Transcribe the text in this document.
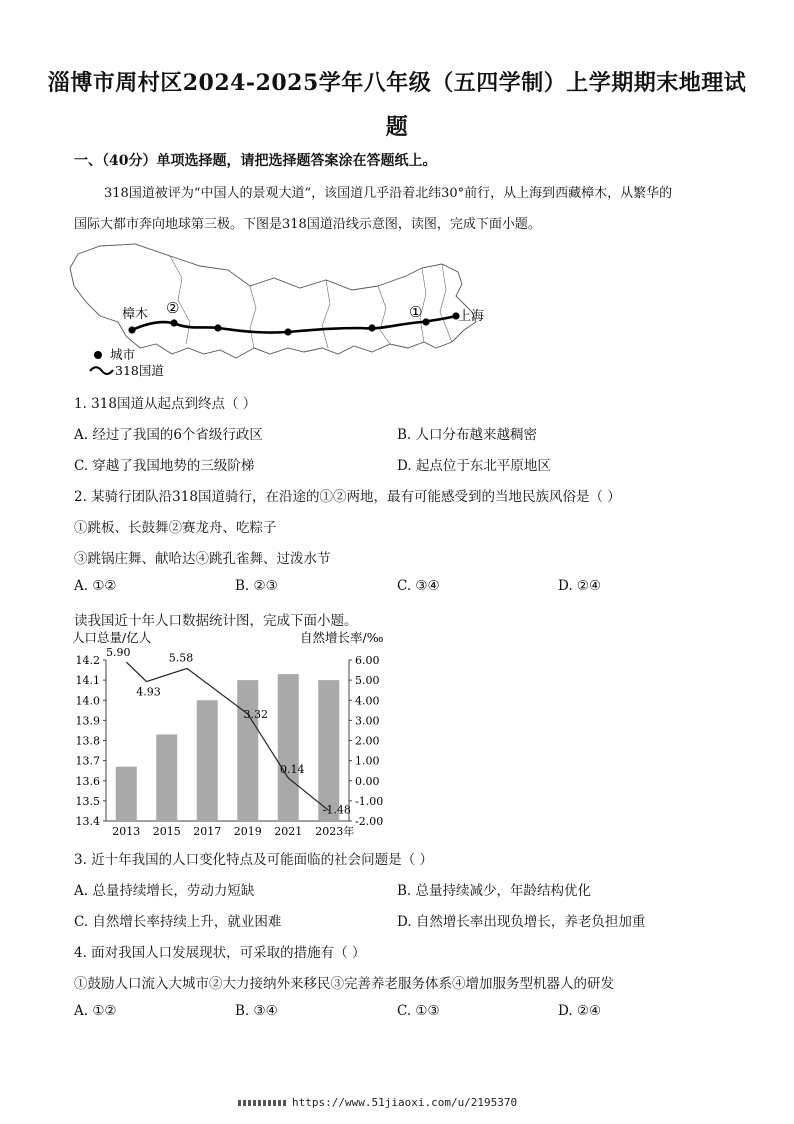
淄博市周村区2024-2025学年八年级（五四学制）上学期期末地理试
题
一、（40分）单项选择题，请把选择题答案涂在答题纸上。
318国道被评为“中国人的景观大道”，该国道几乎沿着北纬30°前行，从上海到西藏樟木，从繁华的
国际大都市奔向地球第三极。下图是318国道沿线示意图，读图，完成下面小题。
樟木 ②	①	上海
城市
318国道
1. 318国道从起点到终点（ ）
A. 经过了我国的6个省级行政区	B. 人口分布越来越稠密
C. 穿越了我国地势的三级阶梯	D. 起点位于东北平原地区
2. 某骑行团队沿318国道骑行，在沿途的①②两地，最有可能感受到的当地民族风俗是（ ）
①跳板、长鼓舞②赛龙舟、吃粽子
③跳锅庄舞、献哈达④跳孔雀舞、过泼水节
A. ①②	B. ②③	C. ③④	D. ②④
读我国近十年人口数据统计图，完成下面小题。
人口总量/亿人	自然增长率/‰
5.90
4.93
5.58
3.32
0.14
-1.48
14.2
14.1
14.0
13.9
13.8
13.7
13.6
13.5
13.4
6.00
5.00
4.00
3.00
2.00
1.00
0.00
-1.00
-2.00
2013 2015 2017 2019 2021 2023年
3. 近十年我国的人口变化特点及可能面临的社会问题是（ ）
A. 总量持续增长，劳动力短缺	B. 总量持续减少，年龄结构优化
C. 自然增长率持续上升，就业困难	D. 自然增长率出现负增长，养老负担加重
4. 面对我国人口发展现状，可采取的措施有（ ）
①鼓励人口流入大城市②大力接纳外来移民③完善养老服务体系④增加服务型机器人的研发
A. ①②	B. ③④	C. ①③	D. ②④
https://www.51jiaoxi.com/u/2195370
